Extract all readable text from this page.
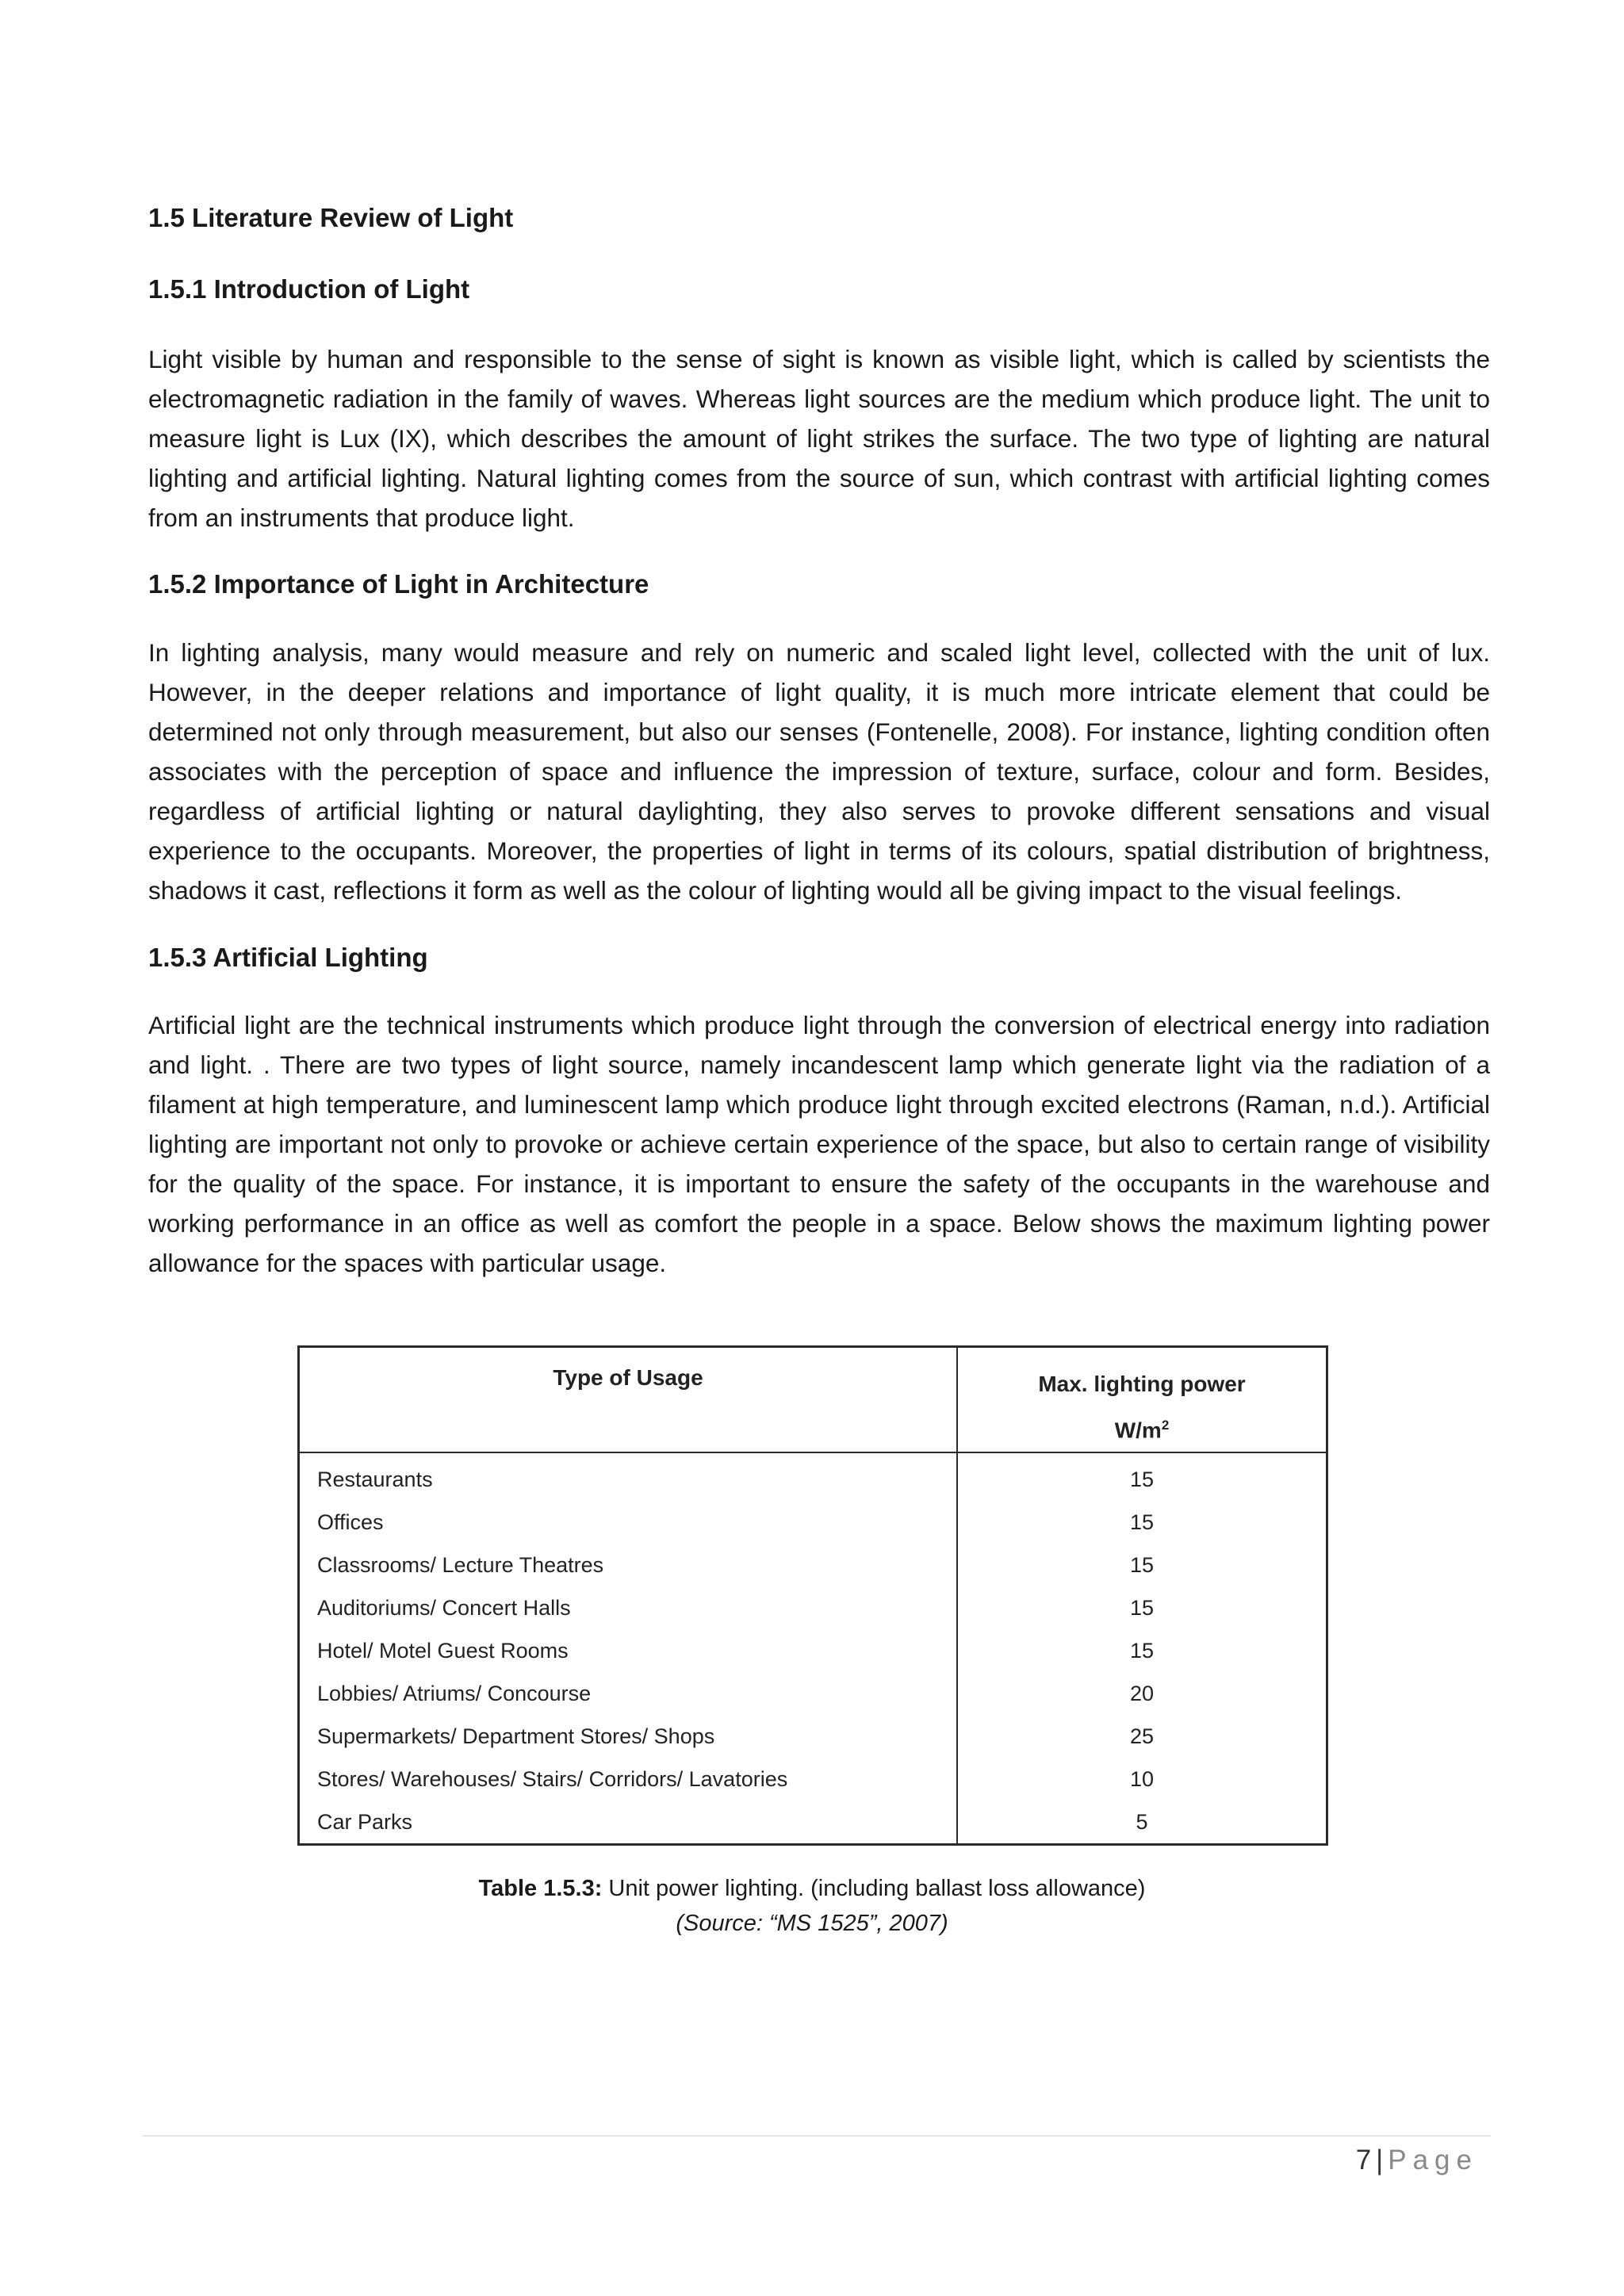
1.5 Literature Review of Light
1.5.1 Introduction of Light

Light visible by human and responsible to the sense of sight is known as visible light, which is called by scientists the electromagnetic radiation in the family of waves. Whereas light sources are the medium which produce light. The unit to measure light is Lux (IX), which describes the amount of light strikes the surface. The two type of lighting are natural lighting and artificial lighting. Natural lighting comes from the source of sun, which contrast with artificial lighting comes from an instruments that produce light.

1.5.2 Importance of Light in Architecture

In lighting analysis, many would measure and rely on numeric and scaled light level, collected with the unit of lux. However, in the deeper relations and importance of light quality, it is much more intricate element that could be determined not only through measurement, but also our senses (Fontenelle, 2008). For instance, lighting condition often associates with the perception of space and influence the impression of texture, surface, colour and form. Besides, regardless of artificial lighting or natural daylighting, they also serves to provoke different sensations and visual experience to the occupants. Moreover, the properties of light in terms of its colours, spatial distribution of brightness, shadows it cast, reflections it form as well as the colour of lighting would all be giving impact to the visual feelings.

1.5.3 Artificial Lighting

Artificial light are the technical instruments which produce light through the conversion of electrical energy into radiation and light. . There are two types of light source, namely incandescent lamp which generate light via the radiation of a filament at high temperature, and luminescent lamp which produce light through excited electrons (Raman, n.d.). Artificial lighting are important not only to provoke or achieve certain experience of the space, but also to certain range of visibility for the quality of the space. For instance, it is important to ensure the safety of the occupants in the warehouse and working performance in an office as well as comfort the people in a space. Below shows the maximum lighting power allowance for the spaces with particular usage.

Type of Usage	Max. lighting power
$W/m^2$
Restaurants	15
Offices	15
Classrooms/ Lecture Theatres	15
Auditoriums/ Concert Halls	15
Hotel/ Motel Guest Rooms	15
Lobbies/ Atriums/ Concourse	20
Supermarkets/ Department Stores/ Shops	25
Stores/ Warehouses/ Stairs/ Corridors/ Lavatories	10
Car Parks	5

Table 1.5.3: Unit power lighting. (including ballast loss allowance)
(Source: “MS 1525”, 2007)

7 | Page
